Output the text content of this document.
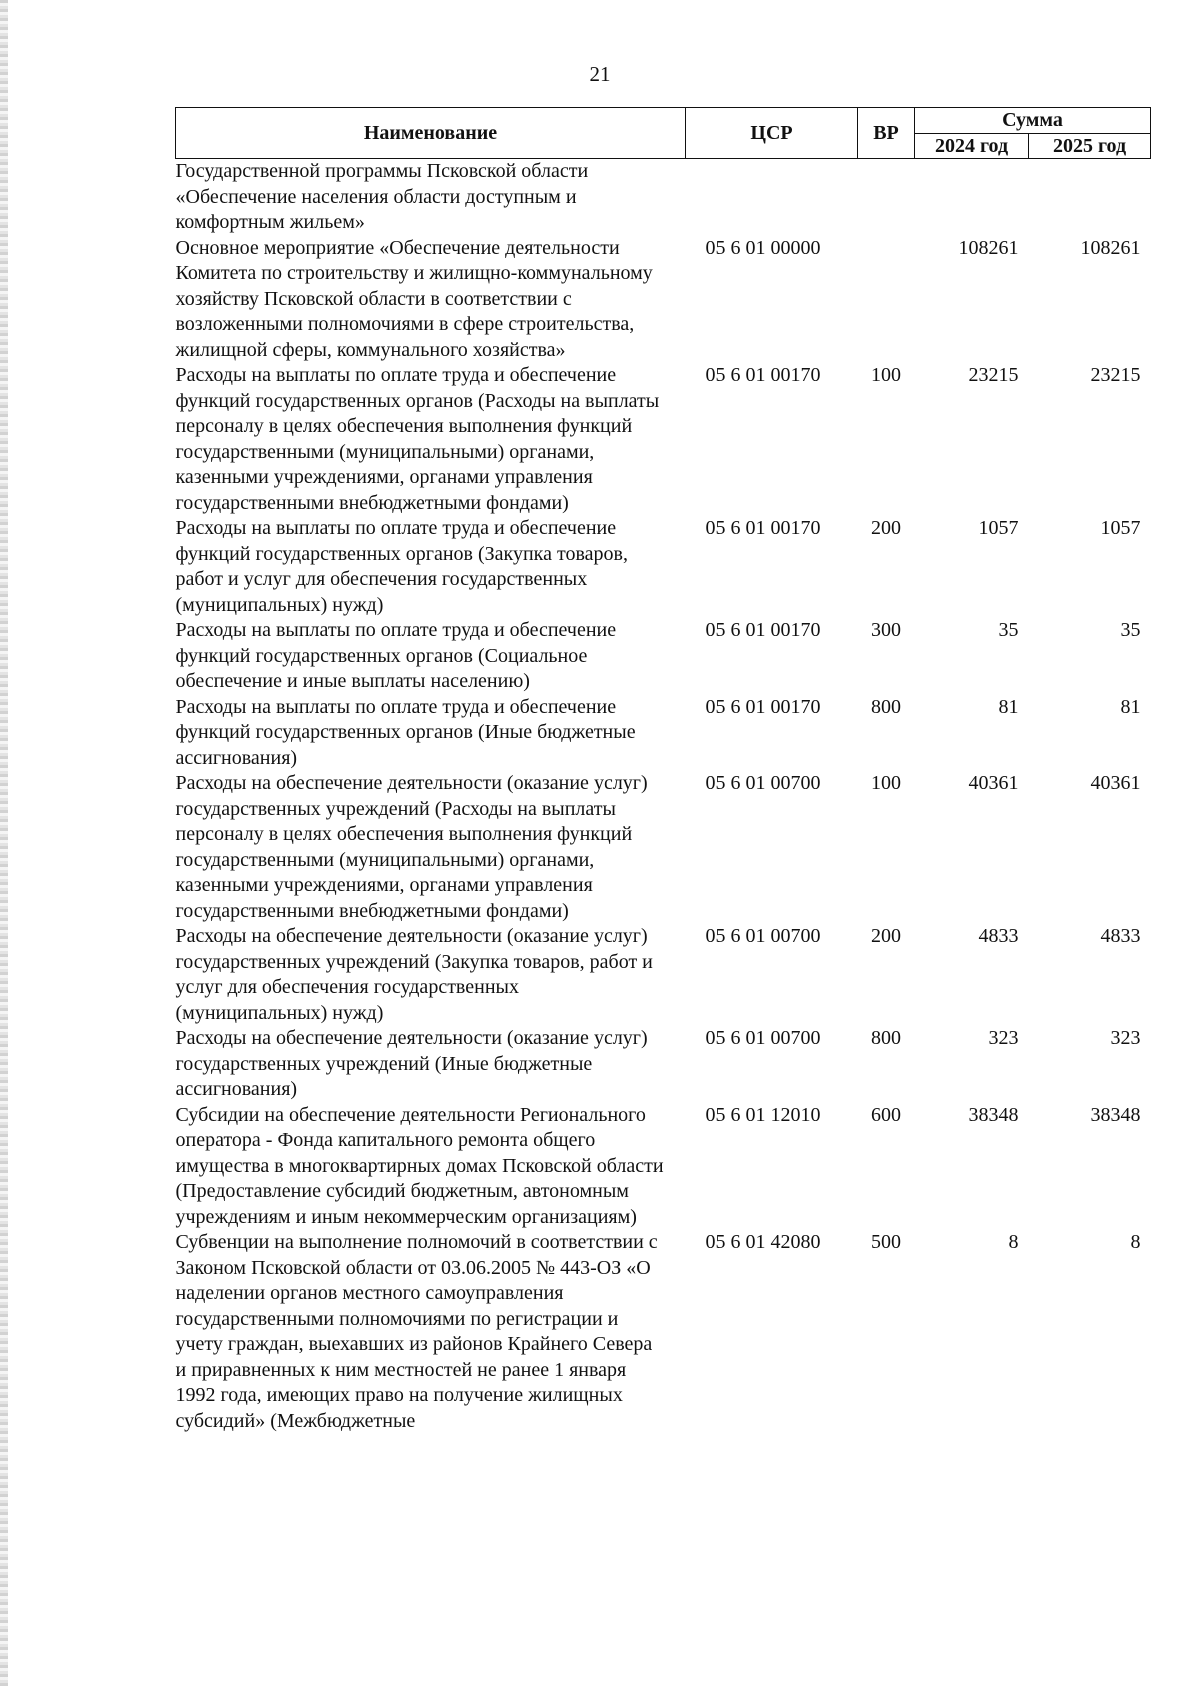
21
Наименование	ЦСР	ВР	Сумма	
			2024 год	2025 год
Государственной программы Псковской области «Обеспечение населения области доступным и комфортным жильем»				
Основное мероприятие «Обеспечение деятельности Комитета по строительству и жилищно-коммунальному хозяйству Псковской области в соответствии с возложенными полномочиями в сфере строительства, жилищной сферы, коммунального хозяйства»	05 6 01 00000		108261	108261
Расходы на выплаты по оплате труда и обеспечение функций государственных органов (Расходы на выплаты персоналу в целях обеспечения выполнения функций государственными (муниципальными) органами, казенными учреждениями, органами управления государственными внебюджетными фондами)	05 6 01 00170	100	23215	23215
Расходы на выплаты по оплате труда и обеспечение функций государственных органов (Закупка товаров, работ и услуг для обеспечения государственных (муниципальных) нужд)	05 6 01 00170	200	1057	1057
Расходы на выплаты по оплате труда и обеспечение функций государственных органов (Социальное обеспечение и иные выплаты населению)	05 6 01 00170	300	35	35
Расходы на выплаты по оплате труда и обеспечение функций государственных органов (Иные бюджетные ассигнования)	05 6 01 00170	800	81	81
Расходы на обеспечение деятельности (оказание услуг) государственных учреждений (Расходы на выплаты персоналу в целях обеспечения выполнения функций государственными (муниципальными) органами, казенными учреждениями, органами управления государственными внебюджетными фондами)	05 6 01 00700	100	40361	40361
Расходы на обеспечение деятельности (оказание услуг) государственных учреждений (Закупка товаров, работ и услуг для обеспечения государственных (муниципальных) нужд)	05 6 01 00700	200	4833	4833
Расходы на обеспечение деятельности (оказание услуг) государственных учреждений (Иные бюджетные ассигнования)	05 6 01 00700	800	323	323
Субсидии на обеспечение деятельности Регионального оператора - Фонда капитального ремонта общего имущества в многоквартирных домах Псковской области (Предоставление субсидий бюджетным, автономным учреждениям и иным некоммерческим организациям)	05 6 01 12010	600	38348	38348
Субвенции на выполнение полномочий в соответствии с Законом Псковской области от 03.06.2005 № 443-ОЗ «О наделении органов местного самоуправления государственными полномочиями по регистрации и учету граждан, выехавших из районов Крайнего Севера и приравненных к ним местностей не ранее 1 января 1992 года, имеющих право на получение жилищных субсидий» (Межбюджетные	05 6 01 42080	500	8	8
